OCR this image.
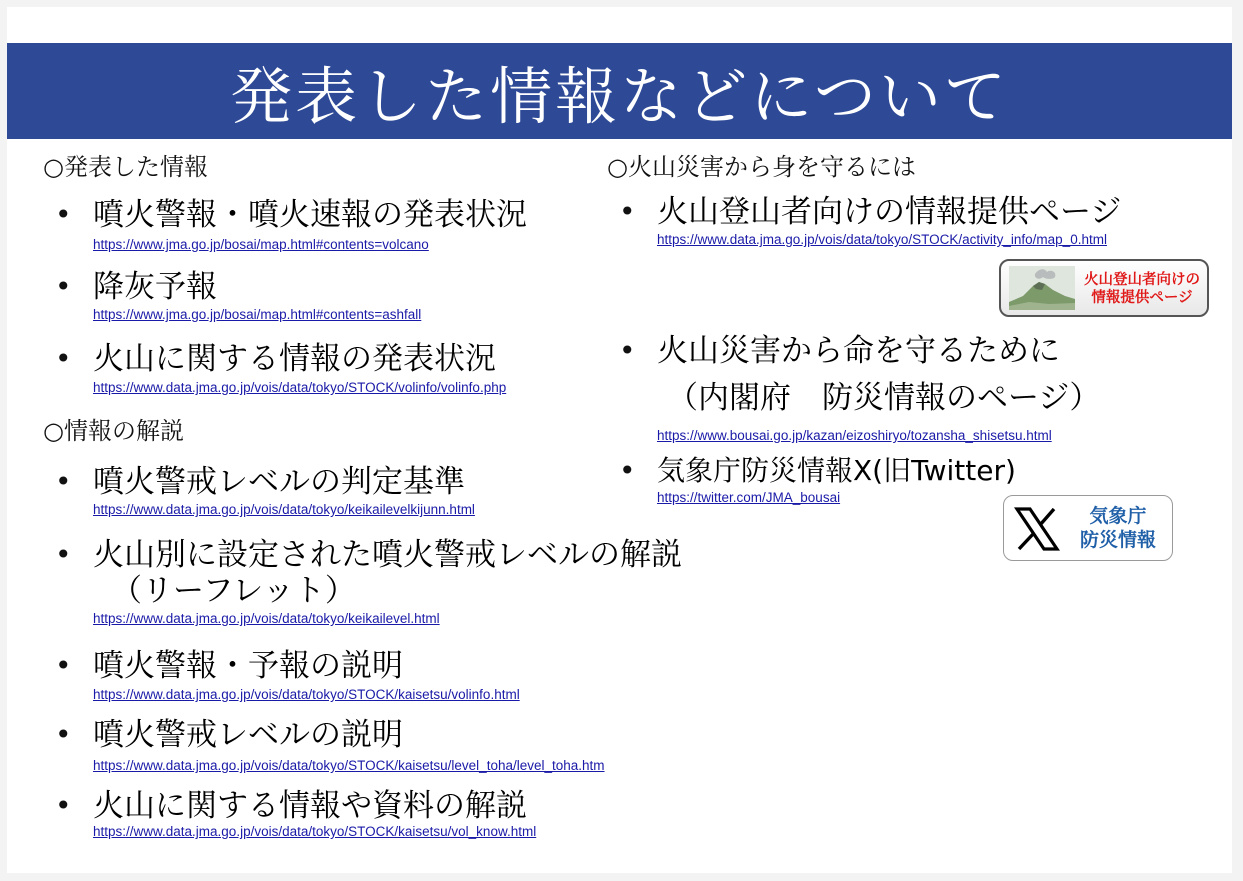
発表した情報などについて
○発表した情報
• 噴火警報・噴火速報の発表状況
https://www.jma.go.jp/bosai/map.html#contents=volcano
• 降灰予報
https://www.jma.go.jp/bosai/map.html#contents=ashfall
• 火山に関する情報の発表状況
https://www.data.jma.go.jp/vois/data/tokyo/STOCK/volinfo/volinfo.php
○情報の解説
• 噴火警戒レベルの判定基準
https://www.data.jma.go.jp/vois/data/tokyo/keikailevelkijunn.html
• 火山別に設定された噴火警戒レベルの解説
（リーフレット）
https://www.data.jma.go.jp/vois/data/tokyo/keikailevel.html
• 噴火警報・予報の説明
https://www.data.jma.go.jp/vois/data/tokyo/STOCK/kaisetsu/volinfo.html
• 噴火警戒レベルの説明
https://www.data.jma.go.jp/vois/data/tokyo/STOCK/kaisetsu/level_toha/level_toha.htm
• 火山に関する情報や資料の解説
https://www.data.jma.go.jp/vois/data/tokyo/STOCK/kaisetsu/vol_know.html
○火山災害から身を守るには
• 火山登山者向けの情報提供ページ
https://www.data.jma.go.jp/vois/data/tokyo/STOCK/activity_info/map_0.html
火山登山者向けの
情報提供ページ
• 火山災害から命を守るために
（内閣府　防災情報のページ）
https://www.bousai.go.jp/kazan/eizoshiryo/tozansha_shisetsu.html
• 気象庁防災情報X(旧Twitter)
https://twitter.com/JMA_bousai
気象庁
防災情報
